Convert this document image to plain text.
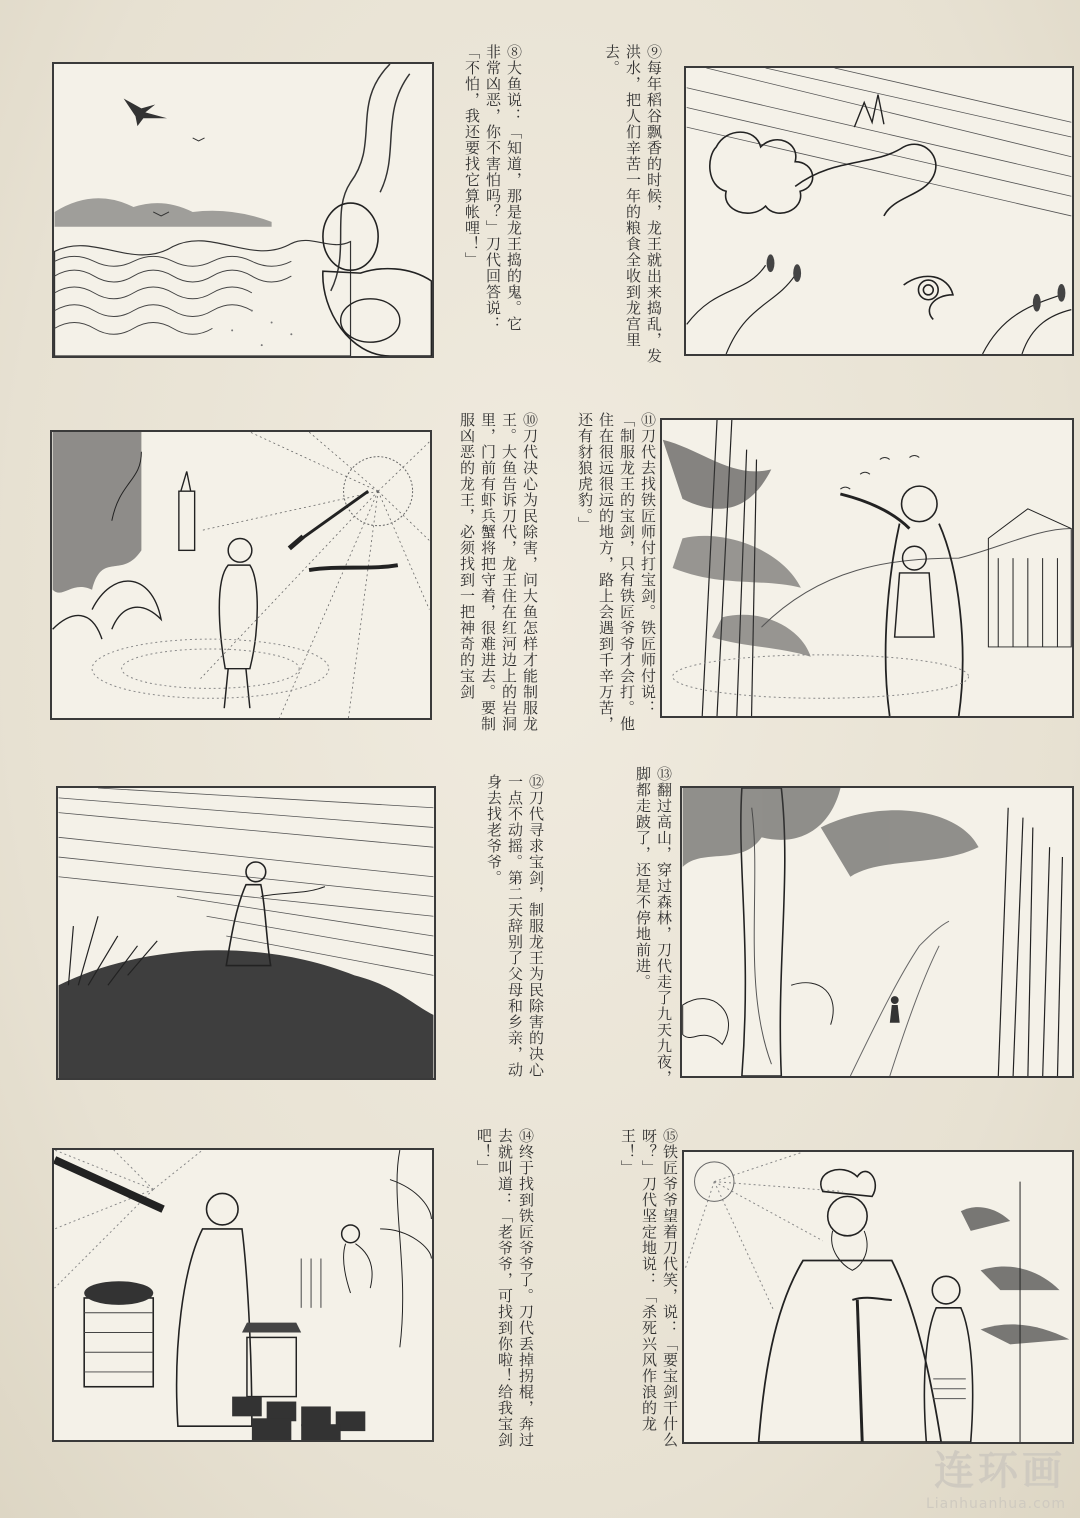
⑧大鱼说：「知道，那是龙王捣的鬼。它非常凶恶，你不害怕吗？」刀代回答说：「不怕，我还要找它算帐哩！」	⑨每年稻谷飘香的时候，龙王就出来捣乱，发洪水，把人们辛苦一年的粮食全收到龙宫里去。
⑩刀代决心为民除害，问大鱼怎样才能制服龙王。大鱼告诉刀代，龙王住在红河边上的岩洞里，门前有虾兵蟹将把守着，很难进去。要制服凶恶的龙王，必须找到一把神奇的宝剑	⑪刀代去找铁匠师付打宝剑。铁匠师付说：「制服龙王的宝剑，只有铁匠爷爷才会打。他住在很远很远的地方，路上会遇到千辛万苦，还有豺狼虎豹。」
⑫刀代寻求宝剑，制服龙王为民除害的决心一点不动摇。第二天辞别了父母和乡亲，动身去找老爷爷。	⑬翻过高山，穿过森林，刀代走了九天九夜，脚都走跛了，还是不停地前进。
⑭终于找到铁匠爷爷了。刀代丢掉拐棍，奔过去就叫道：「老爷爷，可找到你啦！给我宝剑吧！」	⑮铁匠爷爷望着刀代笑，说：「要宝剑干什么呀？」刀代坚定地说：「杀死兴风作浪的龙王！」
连环画
Lianhuanhua.com
